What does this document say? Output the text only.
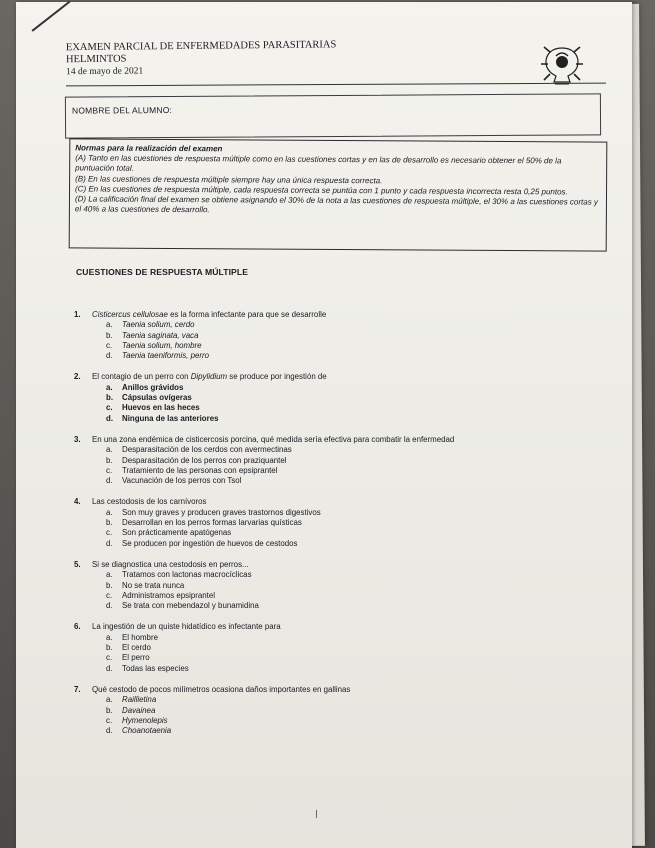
EXAMEN PARCIAL DE ENFERMEDADES PARASITARIAS
HELMINTOS
14 de mayo de 2021
NOMBRE DEL ALUMNO:
Normas para la realización del examen
(A) Tanto en las cuestiones de respuesta múltiple como en las cuestiones cortas y en las de desarrollo es necesario obtener el 50% de la puntuación total.
(B) En las cuestiones de respuesta múltiple siempre hay una única respuesta correcta.
(C) En las cuestiones de respuesta múltiple, cada respuesta correcta se puntúa con 1 punto y cada respuesta incorrecta resta 0,25 puntos.
(D) La calificación final del examen se obtiene asignando el 30% de la nota a las cuestiones de respuesta múltiple, el 30% a las cuestiones cortas y el 40% a las cuestiones de desarrollo.
CUESTIONES DE RESPUESTA MÚLTIPLE
1.	Cisticercus cellulosae es la forma infectante para que se desarrolle
a.	Taenia solium, cerdo
b.	Taenia saginata, vaca
c.	Taenia solium, hombre
d.	Taenia taeniformis, perro
2.	El contagio de un perro con Dipylidium se produce por ingestión de
a.	Anillos grávidos
b.	Cápsulas ovígeras
c.	Huevos en las heces
d.	Ninguna de las anteriores
3.	En una zona endémica de cisticercosis porcina, qué medida sería efectiva para combatir la enfermedad
a.	Desparasitación de los cerdos con avermectinas
b.	Desparasitación de los perros con praziquantel
c.	Tratamiento de las personas con epsiprantel
d.	Vacunación de los perros con Tsol
4.	Las cestodosis de los carnívoros
a.	Son muy graves y producen graves trastornos digestivos
b.	Desarrollan en los perros formas larvarias quísticas
c.	Son prácticamente apatógenas
d.	Se producen por ingestión de huevos de cestodos
5.	Si se diagnostica una cestodosis en perros...
a.	Tratamos con lactonas macrocíclicas
b.	No se trata nunca
c.	Administramos epsiprantel
d.	Se trata con mebendazol y bunamidina
6.	La ingestión de un quiste hidatídico es infectante para
a.	El hombre
b.	El cerdo
c.	El perro
d.	Todas las especies
7.	Qué cestodo de pocos milímetros ocasiona daños importantes en gallinas
a.	Raillietina
b.	Davainea
c.	Hymenolepis
d.	Choanotaenia
